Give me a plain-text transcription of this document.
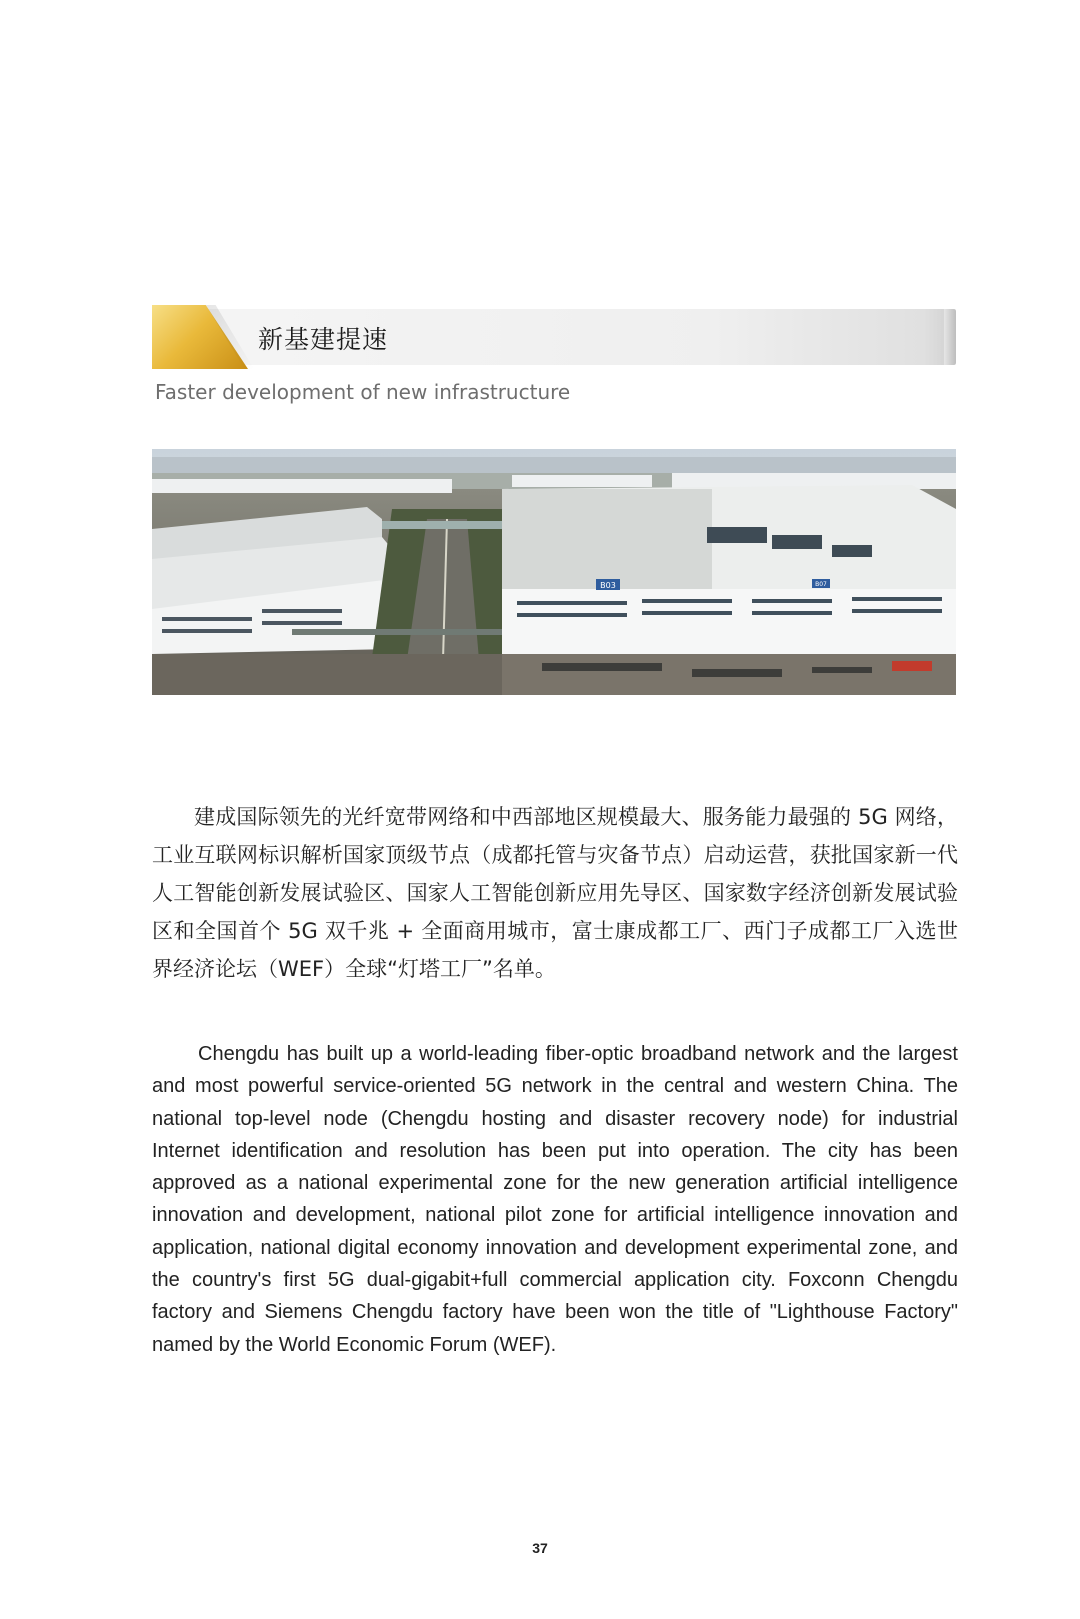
新基建提速
Faster development of new infrastructure
B03	B07
建成国际领先的光纤宽带网络和中西部地区规模最大、服务能力最强的 5G 网络，工业互联网标识解析国家顶级节点（成都托管与灾备节点）启动运营，获批国家新一代人工智能创新发展试验区、国家人工智能创新应用先导区、国家数字经济创新发展试验区和全国首个 5G 双千兆 + 全面商用城市，富士康成都工厂、西门子成都工厂入选世界经济论坛（WEF）全球“灯塔工厂”名单。
Chengdu has built up a world-leading fiber-optic broadband network and the largest and most powerful service-oriented 5G network in the central and western China. The national top-level node (Chengdu hosting and disaster recovery node) for industrial Internet identification and resolution has been put into operation. The city has been approved as a national experimental zone for the new generation artificial intelligence innovation and development, national pilot zone for artificial intelligence innovation and application, national digital economy innovation and development experimental zone, and the country's first 5G dual-gigabit+full commercial application city. Foxconn Chengdu factory and Siemens Chengdu factory have been won the title of "Lighthouse Factory" named by the World Economic Forum (WEF).
37
